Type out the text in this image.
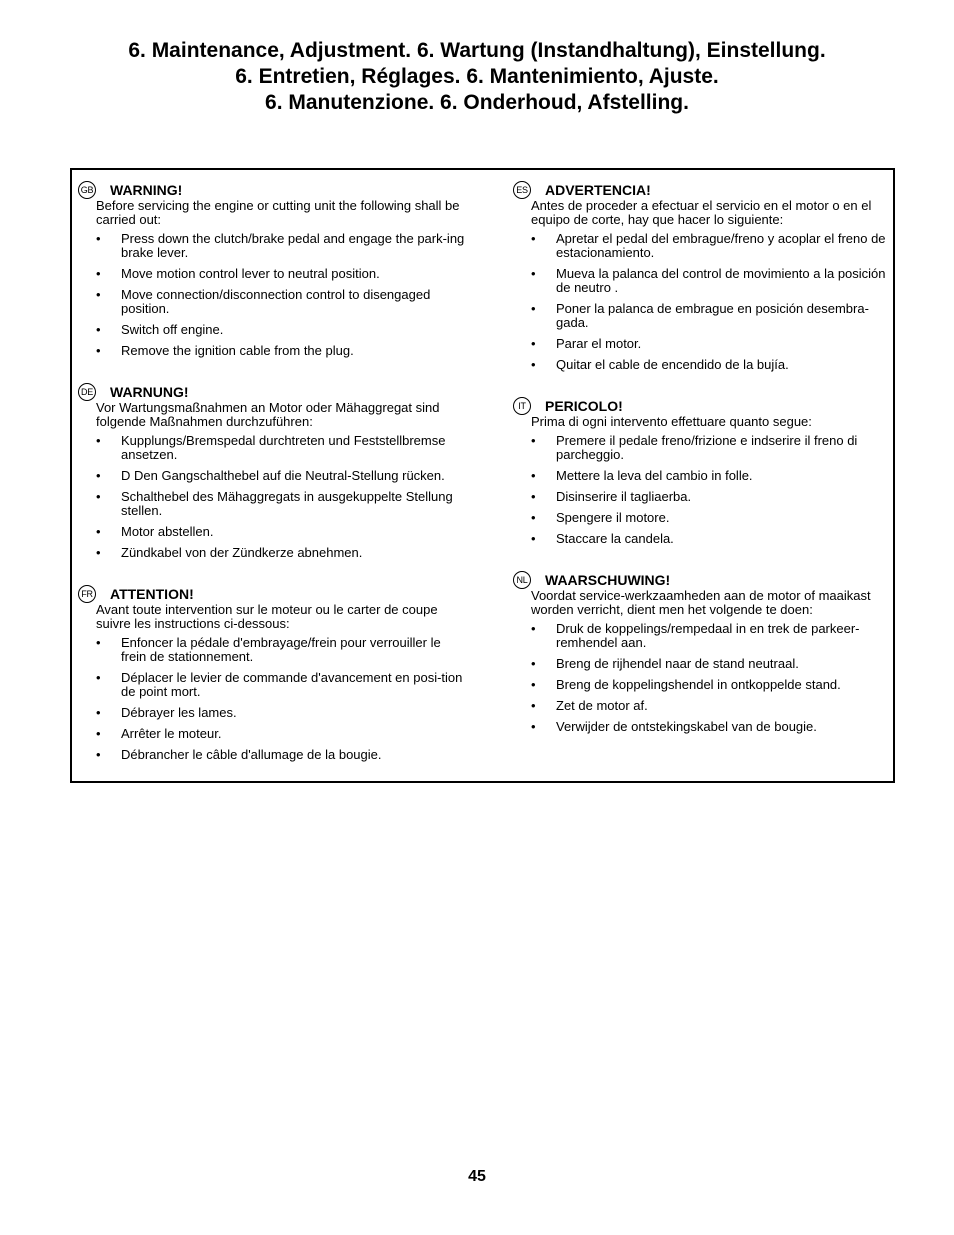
6. Maintenance, Adjustment. 6. Wartung (Instandhaltung), Einstellung.
6. Entretien, Réglages. 6. Mantenimiento, Ajuste.
6. Manutenzione. 6. Onderhoud, Afstelling.
GB WARNING!

Before servicing the engine or cutting unit the following shall be carried out:

• Press down the clutch/brake pedal and engage the park-ing brake lever.
• Move motion control lever to neutral position.
• Move connection/disconnection control to disengaged position.
• Switch off engine.
• Remove the ignition cable from the plug.
DE WARNUNG!

Vor Wartungsmaßnahmen an Motor oder Mähaggregat sind folgende Maßnahmen durchzuführen:

• Kupplungs/Bremspedal durchtreten und Feststellbremse ansetzen.
• D Den Gangschalthebel auf die Neutral-Stellung rücken.
• Schalthebel des Mähaggregats in ausgekuppelte Stellung stellen.
• Motor abstellen.
• Zündkabel von der Zündkerze abnehmen.
FR ATTENTION!

Avant toute intervention sur le moteur ou le carter de coupe suivre les instructions ci-dessous:

• Enfoncer la pédale d'embrayage/frein pour verrouiller le frein de stationnement.
• Déplacer le levier de commande d'avancement en posi-tion de point mort.
• Débrayer les lames.
• Arrêter le moteur.
• Débrancher le câble d'allumage de la bougie.
ES ADVERTENCIA!

Antes de proceder a efectuar el servicio en el motor o en el equipo de corte, hay que hacer lo siguiente:

• Apretar el pedal del embrague/freno y acoplar el freno de estacionamiento.
• Mueva la palanca del control de movimiento a la posición de neutro .
• Poner la palanca de embrague en posición desembra-gada.
• Parar el motor.
• Quitar el cable de encendido de la bujía.
IT	PERICOLO!

Prima di ogni intervento effettuare quanto segue:

• Premere il pedale freno/frizione e indserire il freno di parcheggio.
• Mettere la leva del cambio in folle.
• Disinserire il tagliaerba.
• Spengere il motore.
• Staccare la candela.
NL WAARSCHUWING!

Voordat service-werkzaamheden aan de motor of maaikast worden verricht, dient men het volgende te doen:

• Druk de koppelings/rempedaal in en trek de parkeer-remhendel aan.
• Breng de rijhendel naar de stand neutraal.
• Breng de koppelingshendel in ontkoppelde stand.
• Zet de motor af.
• Verwijder de ontstekingskabel van de bougie.
45
